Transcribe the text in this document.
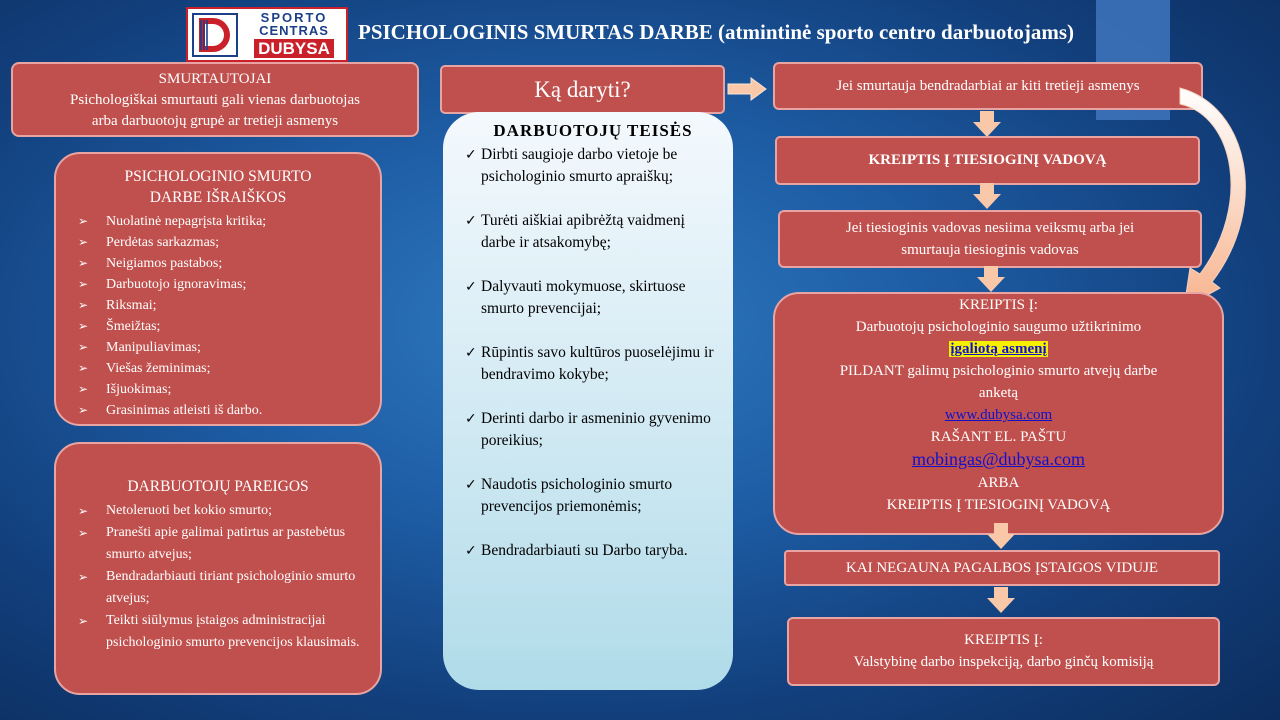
SPORTO
CENTRAS
DUBYSA
PSICHOLOGINIS SMURTAS DARBE (atmintinė sporto centro darbuotojams)
SMURTAUTOJAI
Psichologiškai smurtauti gali vienas darbuotojas
arba darbuotojų grupė ar tretieji asmenys
PSICHOLOGINIO SMURTO
DARBE IŠRAIŠKOS
➢ Nuolatinė nepagrįsta kritika;
➢ Perdėtas sarkazmas;
➢ Neigiamos pastabos;
➢ Darbuotojo ignoravimas;
➢ Riksmai;
➢ Šmeižtas;
➢ Manipuliavimas;
➢ Viešas žeminimas;
➢ Išjuokimas;
➢ Grasinimas atleisti iš darbo.
DARBUOTOJŲ PAREIGOS
➢ Netoleruoti bet kokio smurto;
➢ Pranešti apie galimai patirtus ar pastebėtus smurto atvejus;
➢ Bendradarbiauti tiriant psichologinio smurto atvejus;
➢ Teikti siūlymus įstaigos administracijai psichologinio smurto prevencijos klausimais.
Ką daryti?
DARBUOTOJŲ TEISĖS
✓ Dirbti saugioje darbo vietoje be psichologinio smurto apraiškų;
✓ Turėti aiškiai apibrėžtą vaidmenį darbe ir atsakomybę;
✓ Dalyvauti mokymuose, skirtuose smurto prevencijai;
✓ Rūpintis savo kultūros puoselėjimu ir bendravimo kokybe;
✓ Derinti darbo ir asmeninio gyvenimo poreikius;
✓ Naudotis psichologinio smurto prevencijos priemonėmis;
✓ Bendradarbiauti su Darbo taryba.
Jei smurtauja bendradarbiai ar kiti tretieji asmenys
KREIPTIS Į TIESIOGINĮ VADOVĄ
Jei tiesioginis vadovas nesiima veiksmų arba jei
smurtauja tiesioginis vadovas
KREIPTIS Į:
Darbuotojų psichologinio saugumo užtikrinimo
įgaliotą asmenį
PILDANT galimų psichologinio smurto atvejų darbe
anketą
www.dubysa.com
RAŠANT EL. PAŠTU
mobingas@dubysa.com
ARBA
KREIPTIS Į TIESIOGINĮ VADOVĄ
KAI NEGAUNA PAGALBOS ĮSTAIGOS VIDUJE
KREIPTIS Į:
Valstybinę darbo inspekciją, darbo ginčų komisiją
